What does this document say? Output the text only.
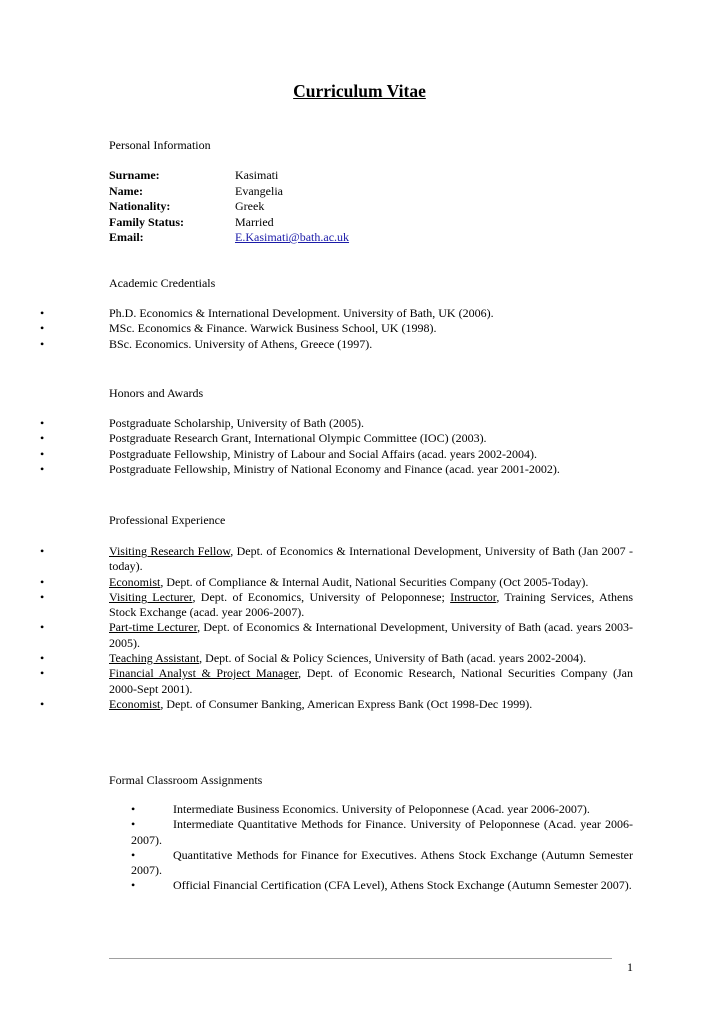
Curriculum Vitae
Personal Information
Surname:	Kasimati
Name:	Evangelia
Nationality:	Greek
Family Status:	Married
Email:	E.Kasimati@bath.ac.uk
Academic Credentials
•	Ph.D. Economics & International Development. University of Bath, UK (2006).
•	MSc. Economics & Finance. Warwick Business School, UK (1998).
•	BSc. Economics. University of Athens, Greece (1997).
Honors and Awards
•	Postgraduate Scholarship, University of Bath (2005).
•	Postgraduate Research Grant, International Olympic Committee (IOC) (2003).
•	Postgraduate Fellowship, Ministry of Labour and Social Affairs (acad. years 2002-2004).
•	Postgraduate Fellowship, Ministry of National Economy and Finance (acad. year 2001-2002).
Professional Experience
•	Visiting Research Fellow, Dept. of Economics & International Development, University of Bath (Jan 2007 - today).
•	Economist, Dept. of Compliance & Internal Audit, National Securities Company (Oct 2005-Today).
•	Visiting Lecturer, Dept. of Economics, University of Peloponnese; Instructor, Training Services, Athens Stock Exchange (acad. year 2006-2007).
•	Part-time Lecturer, Dept. of Economics & International Development, University of Bath (acad. years 2003-2005).
•	Teaching Assistant, Dept. of Social & Policy Sciences, University of Bath (acad. years 2002-2004).
•	Financial Analyst & Project Manager, Dept. of Economic Research, National Securities Company (Jan 2000-Sept 2001).
•	Economist, Dept. of Consumer Banking, American Express Bank (Oct 1998-Dec 1999).
Formal Classroom Assignments
•	Intermediate Business Economics. University of Peloponnese (Acad. year 2006-2007).
•	Intermediate Quantitative Methods for Finance. University of Peloponnese (Acad. year 2006-2007).
•	Quantitative Methods for Finance for Executives. Athens Stock Exchange (Autumn Semester 2007).
•	Official Financial Certification (CFA Level), Athens Stock Exchange (Autumn Semester 2007).
1
